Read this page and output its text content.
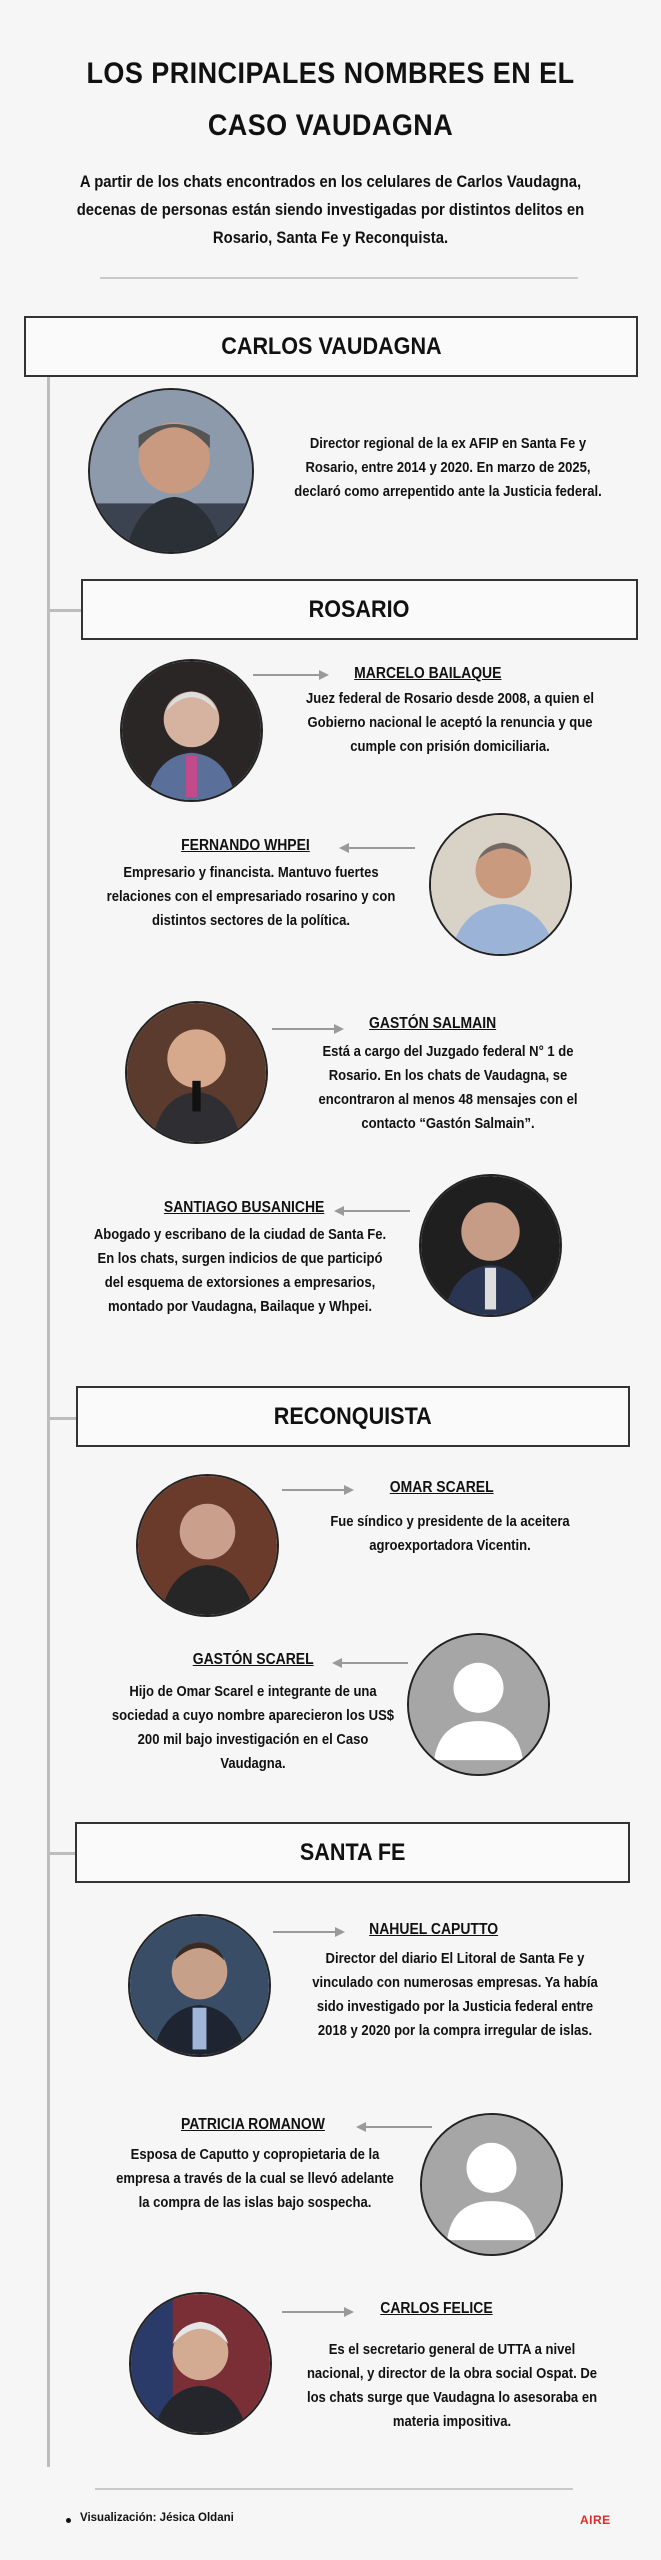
LOS PRINCIPALES NOMBRES EN EL
CASO VAUDAGNA
A partir de los chats encontrados en los celulares de Carlos Vaudagna, decenas de personas están siendo investigadas por distintos delitos en Rosario, Santa Fe y Reconquista.
CARLOS VAUDAGNA
Director regional de la ex AFIP en Santa Fe y Rosario, entre 2014 y 2020. En marzo de 2025, declaró como arrepentido ante la Justicia federal.
ROSARIO
MARCELO BAILAQUE
Juez federal de Rosario desde 2008, a quien el Gobierno nacional le aceptó la renuncia y que cumple con prisión domiciliaria.
FERNANDO WHPEI
Empresario y financista. Mantuvo fuertes relaciones con el empresariado rosarino y con distintos sectores de la política.
GASTÓN SALMAIN
Está a cargo del Juzgado federal N° 1 de Rosario. En los chats de Vaudagna, se encontraron al menos 48 mensajes con el contacto “Gastón Salmain”.
SANTIAGO BUSANICHE
Abogado y escribano de la ciudad de Santa Fe. En los chats, surgen indicios de que participó del esquema de extorsiones a empresarios, montado por Vaudagna, Bailaque y Whpei.
RECONQUISTA
OMAR SCAREL
Fue síndico y presidente de la aceitera agroexportadora Vicentin.
GASTÓN SCAREL
Hijo de Omar Scarel e integrante de una sociedad a cuyo nombre aparecieron los US$ 200 mil bajo investigación en el Caso Vaudagna.
SANTA FE
NAHUEL CAPUTTO
Director del diario El Litoral de Santa Fe y vinculado con numerosas empresas. Ya había sido investigado por la Justicia federal entre 2018 y 2020 por la compra irregular de islas.
PATRICIA ROMANOW
Esposa de Caputto y copropietaria de la empresa a través de la cual se llevó adelante la compra de las islas bajo sospecha.
CARLOS FELICE
Es el secretario general de UTTA a nivel nacional, y director de la obra social Ospat. De los chats surge que Vaudagna lo asesoraba en materia impositiva.
Visualización: Jésica Oldani	AIRE
